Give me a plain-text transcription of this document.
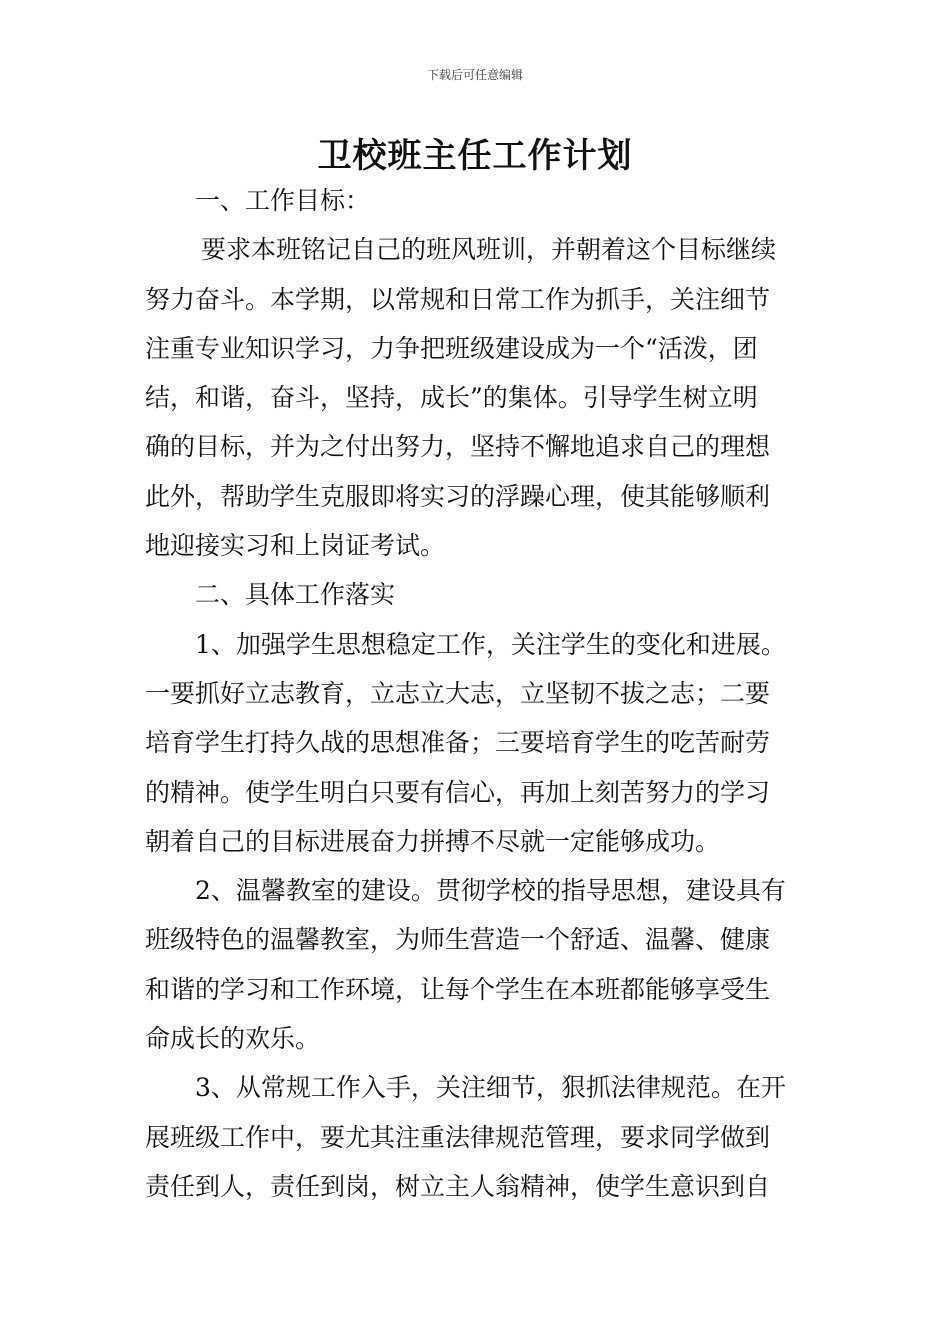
下载后可任意编辑
卫校班主任工作计划
一、工作目标：
要求本班铭记自己的班风班训，并朝着这个目标继续
努力奋斗。本学期，以常规和日常工作为抓手，关注细节
注重专业知识学习，力争把班级建设成为一个“活泼，团
结，和谐，奋斗，坚持，成长”的集体。引导学生树立明
确的目标，并为之付出努力，坚持不懈地追求自己的理想
此外，帮助学生克服即将实习的浮躁心理，使其能够顺利
地迎接实习和上岗证考试。
二、具体工作落实
1、加强学生思想稳定工作，关注学生的变化和进展。
一要抓好立志教育，立志立大志，立坚韧不拔之志；二要
培育学生打持久战的思想准备；三要培育学生的吃苦耐劳
的精神。使学生明白只要有信心，再加上刻苦努力的学习
朝着自己的目标进展奋力拼搏不尽就一定能够成功。
2、温馨教室的建设。贯彻学校的指导思想，建设具有
班级特色的温馨教室，为师生营造一个舒适、温馨、健康
和谐的学习和工作环境，让每个学生在本班都能够享受生
命成长的欢乐。
3、从常规工作入手，关注细节，狠抓法律规范。在开
展班级工作中，要尤其注重法律规范管理，要求同学做到
责任到人，责任到岗，树立主人翁精神，使学生意识到自
